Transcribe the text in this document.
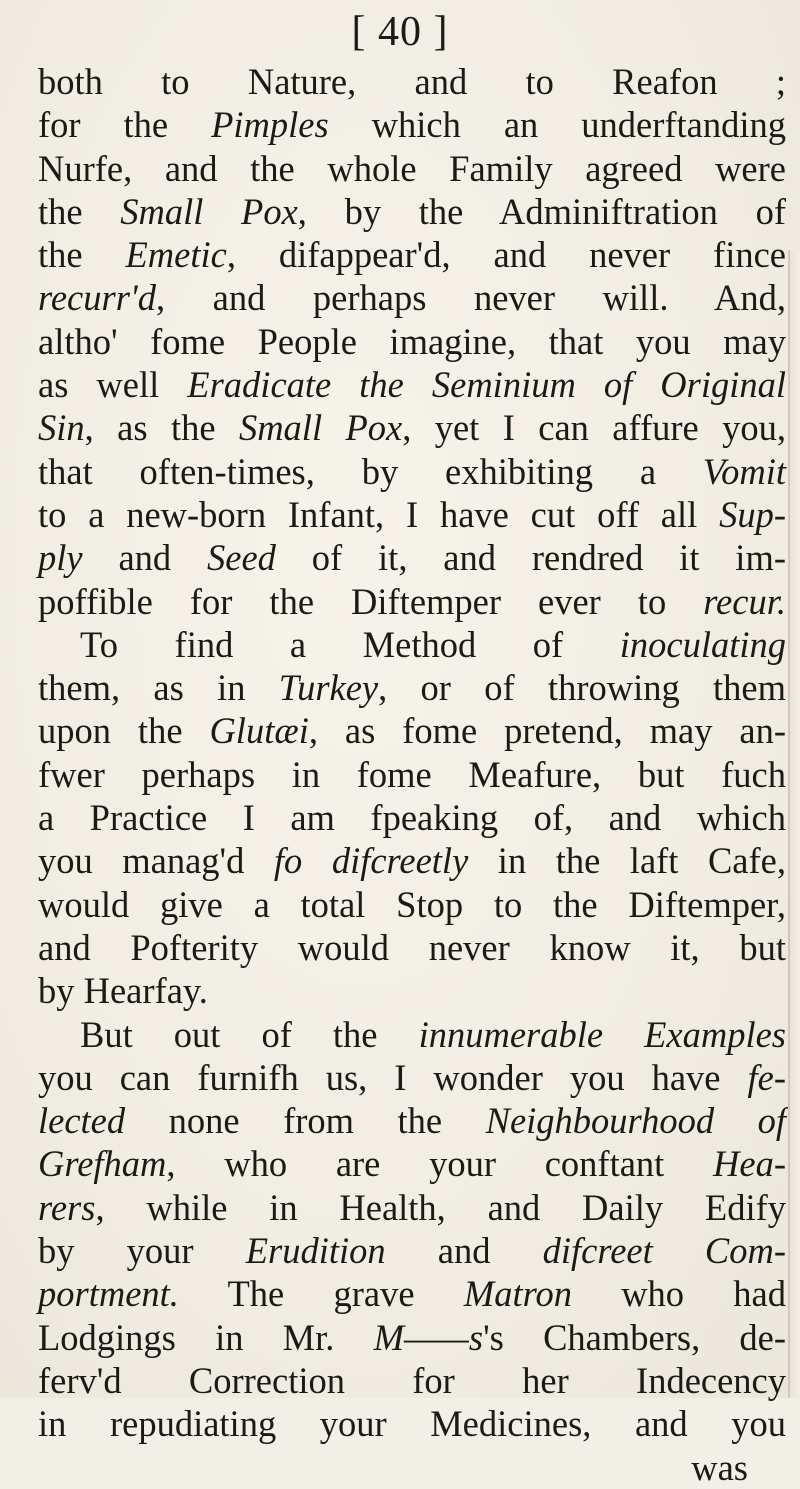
[ 40 ]
both to Nature, and to Reafon ;
for the Pimples which an underftanding
Nurfe, and the whole Family agreed were
the Small Pox, by the Adminiftration of
the Emetic, difappear'd, and never fince
recurr'd, and perhaps never will. And,
altho' fome People imagine, that you may
as well Eradicate the Seminium of Original
Sin, as the Small Pox, yet I can affure you,
that often-times, by exhibiting a Vomit
to a new-born Infant, I have cut off all Sup-
ply and Seed of it, and rendred it im-
poffible for the Diftemper ever to recur.
To find a Method of inoculating
them, as in Turkey, or of throwing them
upon the Glutæi, as fome pretend, may an-
fwer perhaps in fome Meafure, but fuch
a Practice I am fpeaking of, and which
you manag'd fo difcreetly in the laft Cafe,
would give a total Stop to the Diftemper,
and Pofterity would never know it, but
by Hearfay.
But out of the innumerable Examples
you can furnifh us, I wonder you have fe-
lected none from the Neighbourhood of
Grefham, who are your conftant Hea-
rers, while in Health, and Daily Edify
by your Erudition and difcreet Com-
portment. The grave Matron who had
Lodgings in Mr. M——s's Chambers, de-
ferv'd Correction for her Indecency
in repudiating your Medicines, and you
was
